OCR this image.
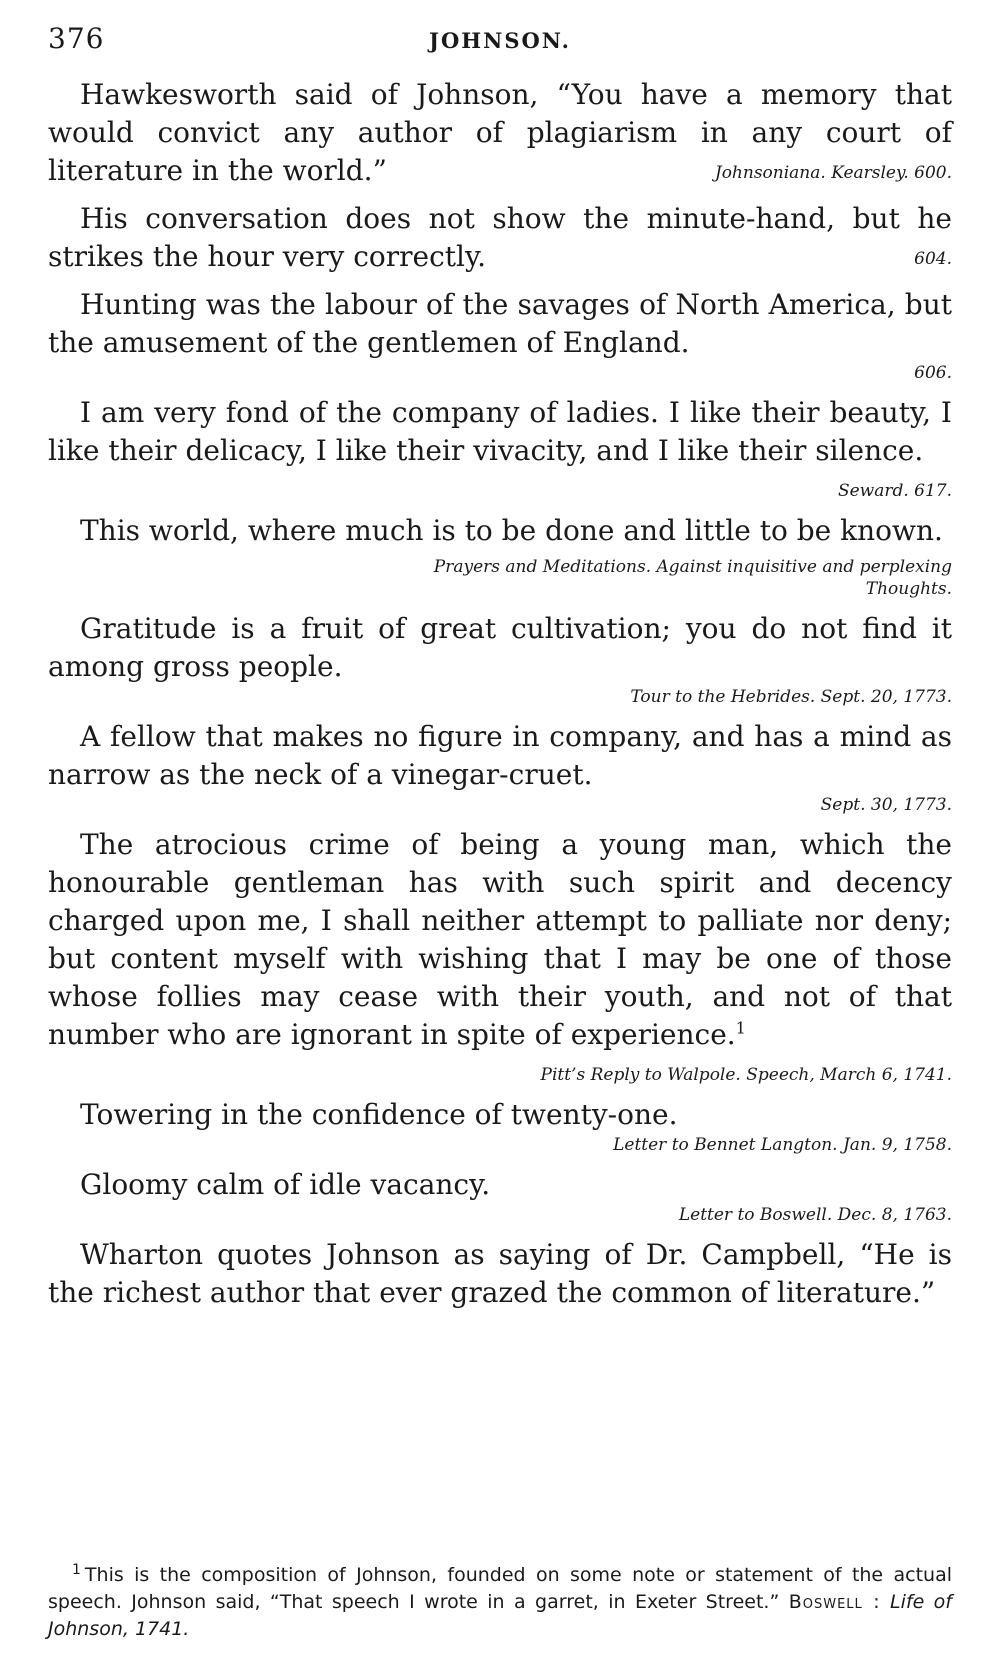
376	JOHNSON.

Hawkesworth said of Johnson, “You have a memory that would convict any author of plagiarism in any court of literature in the world.”	Johnsoniana. Kearsley. 600.

His conversation does not show the minute-hand, but he strikes the hour very correctly.	604.

Hunting was the labour of the savages of North America, but the amusement of the gentlemen of England.

606.

I am very fond of the company of ladies. I like their beauty, I like their delicacy, I like their vivacity, and I like their silence.
Seward. 617.

This world, where much is to be done and little to be known.
Prayers and Meditations. Against inquisitive and perplexing Thoughts.

Gratitude is a fruit of great cultivation; you do not find it among gross people.

Tour to the Hebrides. Sept. 20, 1773.

A fellow that makes no figure in company, and has a mind as narrow as the neck of a vinegar-cruet.

Sept. 30, 1773.

The atrocious crime of being a young man, which the honourable gentleman has with such spirit and decency charged upon me, I shall neither attempt to palliate nor deny; but content myself with wishing that I may be one of those whose follies may cease with their youth, and not of that number who are ignorant in spite of experience.$^1$
Pitt’s Reply to Walpole. Speech, March 6, 1741.

Towering in the confidence of twenty-one.

Letter to Bennet Langton. Jan. 9, 1758.

Gloomy calm of idle vacancy.

Letter to Boswell. Dec. 8, 1763.

Wharton quotes Johnson as saying of Dr. Campbell, “He is the richest author that ever grazed the common of literature.”

$^1$ This is the composition of Johnson, founded on some note or statement of the actual speech. Johnson said, “That speech I wrote in a garret, in Exeter Street.” Boswell : Life of Johnson, 1741.
